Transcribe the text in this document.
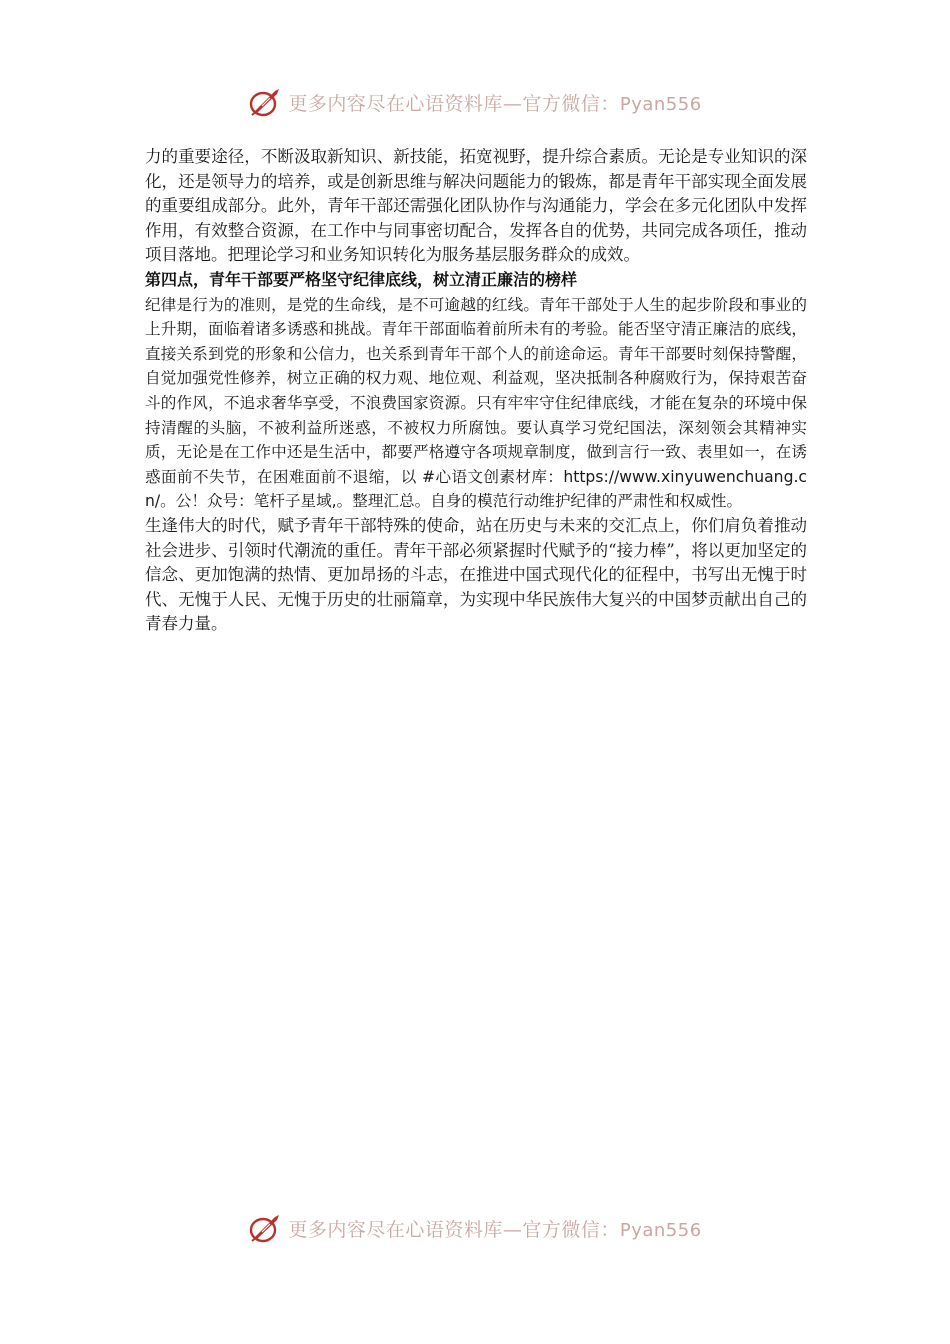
更多内容尽在心语资料库—官方微信：Pyan556

力的重要途径，不断汲取新知识、新技能，拓宽视野，提升综合素质。无论是专业知识的深化，还是领导力的培养，或是创新思维与解决问题能力的锻炼，都是青年干部实现全面发展的重要组成部分。此外，青年干部还需强化团队协作与沟通能力，学会在多元化团队中发挥作用，有效整合资源，在工作中与同事密切配合，发挥各自的优势，共同完成各项任，推动项目落地。把理论学习和业务知识转化为服务基层服务群众的成效。

第四点，青年干部要严格坚守纪律底线，树立清正廉洁的榜样

纪律是行为的准则，是党的生命线，是不可逾越的红线。青年干部处于人生的起步阶段和事业的上升期，面临着诸多诱惑和挑战。青年干部面临着前所未有的考验。能否坚守清正廉洁的底线，直接关系到党的形象和公信力，也关系到青年干部个人的前途命运。青年干部要时刻保持警醒，自觉加强党性修养，树立正确的权力观、地位观、利益观，坚决抵制各种腐败行为，保持艰苦奋斗的作风，不追求奢华享受，不浪费国家资源。只有牢牢守住纪律底线，才能在复杂的环境中保持清醒的头脑，不被利益所迷惑，不被权力所腐蚀。要认真学习党纪国法，深刻领会其精神实质，无论是在工作中还是生活中，都要严格遵守各项规章制度，做到言行一致、表里如一，在诱惑面前不失节，在困难面前不退缩，以 #心语文创素材库：https://www.xinyuwenchuang.cn/。公！众号：笔杆子星域,。整理汇总。自身的模范行动维护纪律的严肃性和权威性。

生逢伟大的时代，赋予青年干部特殊的使命，站在历史与未来的交汇点上，你们肩负着推动社会进步、引领时代潮流的重任。青年干部必须紧握时代赋予的“接力棒”，将以更加坚定的信念、更加饱满的热情、更加昂扬的斗志，在推进中国式现代化的征程中，书写出无愧于时代、无愧于人民、无愧于历史的壮丽篇章，为实现中华民族伟大复兴的中国梦贡献出自己的青春力量。

更多内容尽在心语资料库—官方微信：Pyan556
